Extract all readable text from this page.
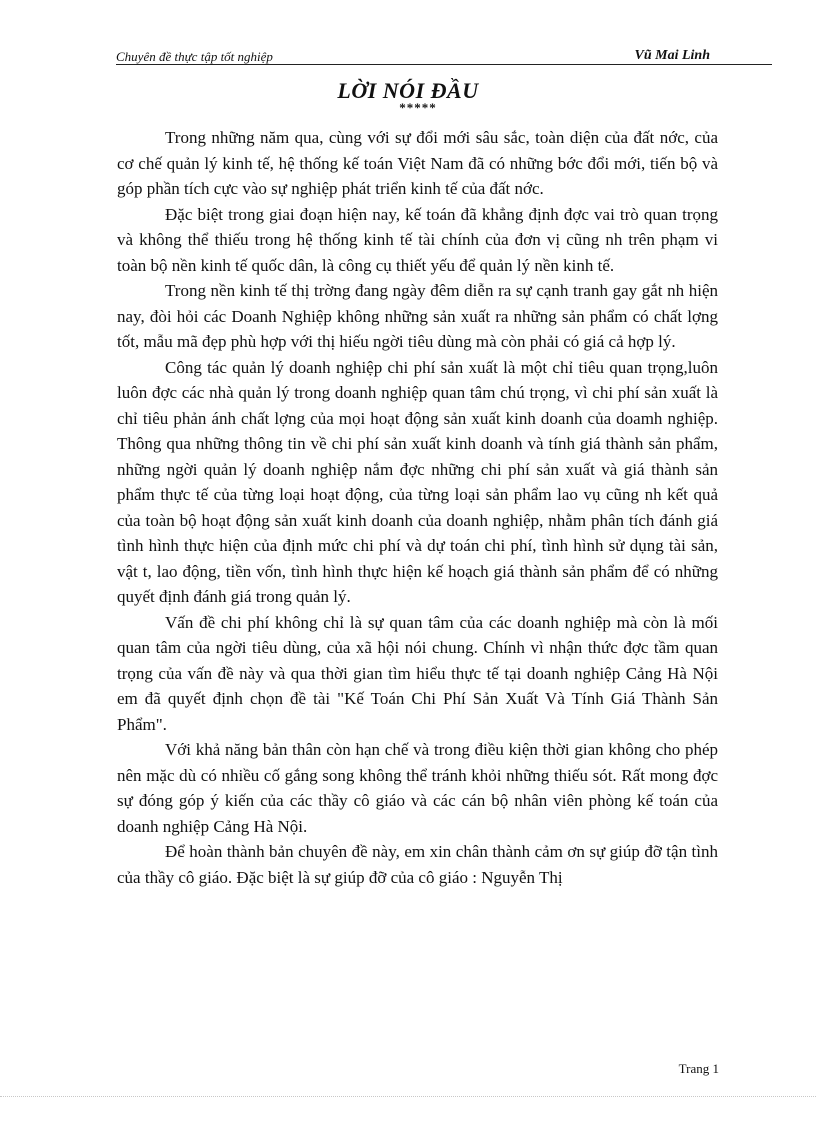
Chuyên đề thực tập tốt nghiệp	Vũ Mai Linh
LỜI NÓI ĐẦU
*****

Trong những năm qua, cùng với sự đổi mới sâu sắc, toàn diện của đất nớc, của cơ chế quản lý kinh tế, hệ thống kế toán Việt Nam đã có những bớc đổi mới, tiến bộ và góp phần tích cực vào sự nghiệp phát triển kinh tế của đất nớc.

Đặc biệt trong giai đoạn hiện nay, kế toán đã khẳng định đợc vai trò quan trọng và không thể thiếu trong hệ thống kinh tế tài chính của đơn vị cũng nh trên phạm vi toàn bộ nền kinh tế quốc dân, là công cụ thiết yếu để quản lý nền kinh tế.

Trong nền kinh tế thị trờng đang ngày đêm diễn ra sự cạnh tranh gay gắt nh hiện nay, đòi hỏi các Doanh Nghiệp không những sản xuất ra những sản phẩm có chất lợng tốt, mẫu mã đẹp phù hợp với thị hiếu ngời tiêu dùng mà còn phải có giá cả hợp lý.

Công tác quản lý doanh nghiệp chi phí sản xuất là một chỉ tiêu quan trọng,luôn luôn đợc các nhà quản lý trong doanh nghiệp quan tâm chú trọng, vì chi phí sản xuất là chỉ tiêu phản ánh chất lợng của mọi hoạt động sản xuất kinh doanh của doamh nghiệp. Thông qua những thông tin về chi phí sản xuất kinh doanh và tính giá thành sản phẩm, những ngời quản lý doanh nghiệp nắm đợc những chi phí sản xuất và giá thành sản phẩm thực tế của từng loại hoạt động, của từng loại sản phẩm lao vụ cũng nh kết quả của toàn bộ hoạt động sản xuất kinh doanh của doanh nghiệp, nhằm phân tích đánh giá tình hình thực hiện của định mức chi phí và dự toán chi phí, tình hình sử dụng tài sản, vật t, lao động, tiền vốn, tình hình thực hiện kế hoạch giá thành sản phẩm để có những quyết định đánh giá trong quản lý.

Vấn đề chi phí không chỉ là sự quan tâm của các doanh nghiệp mà còn là mối quan tâm của ngời tiêu dùng, của xã hội nói chung. Chính vì nhận thức đợc tầm quan trọng của vấn đề này và qua thời gian tìm hiểu thực tế tại doanh nghiệp Cảng Hà Nội em đã quyết định chọn đề tài "Kế Toán Chi Phí Sản Xuất Và Tính Giá Thành Sản Phẩm".

Với khả năng bản thân còn hạn chế và trong điều kiện thời gian không cho phép nên mặc dù có nhiều cố gắng song không thể tránh khỏi những thiếu sót. Rất mong đợc sự đóng góp ý kiến của các thầy cô giáo và các cán bộ nhân viên phòng kế toán của doanh nghiệp Cảng Hà Nội.

Để hoàn thành bản chuyên đề này, em xin chân thành cảm ơn sự giúp đỡ tận tình của thầy cô giáo. Đặc biệt là sự giúp đỡ của cô giáo : Nguyễn Thị

Trang 1
